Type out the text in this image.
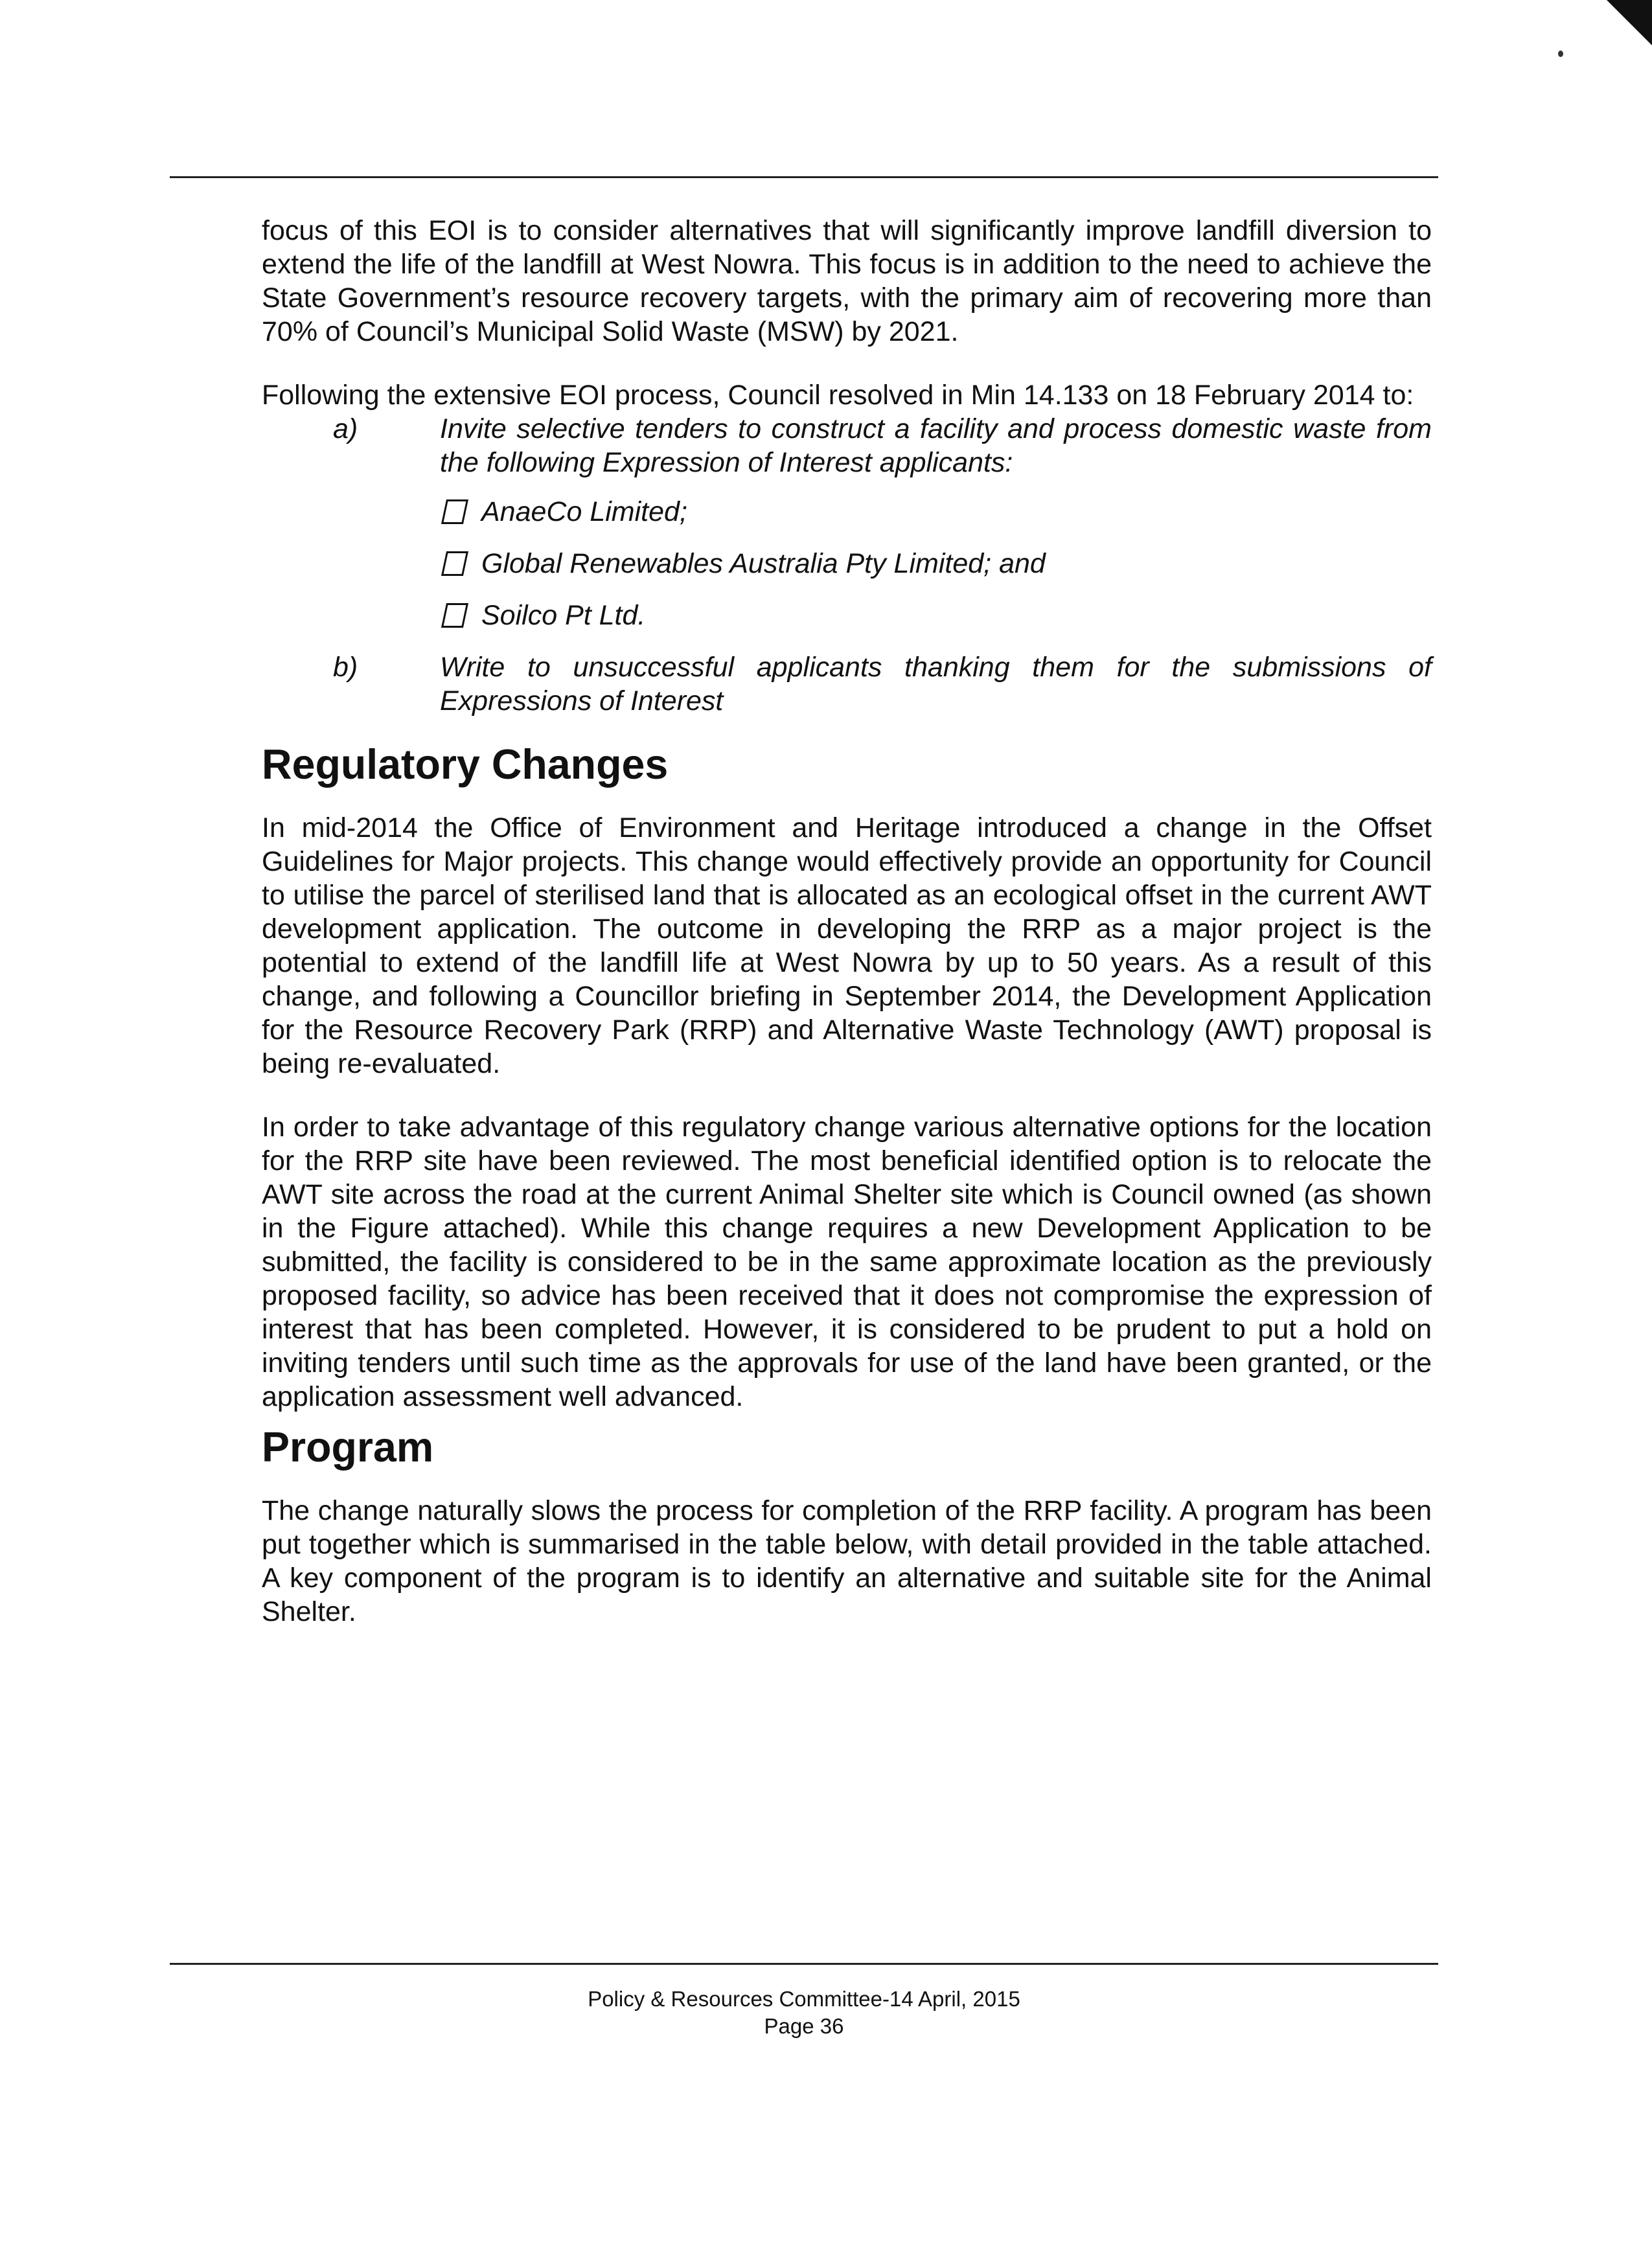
focus of this EOI is to consider alternatives that will significantly improve landfill diversion to extend the life of the landfill at West Nowra. This focus is in addition to the need to achieve the State Government’s resource recovery targets, with the primary aim of recovering more than 70% of Council’s Municipal Solid Waste (MSW) by 2021.

Following the extensive EOI process, Council resolved in Min 14.133 on 18 February 2014 to:

a)	Invite selective tenders to construct a facility and process domestic waste from the following Expression of Interest applicants:
AnaeCo Limited;
Global Renewables Australia Pty Limited; and
Soilco Pt Ltd.
b)	Write to unsuccessful applicants thanking them for the submissions of Expressions of Interest
Regulatory Changes

In mid-2014 the Office of Environment and Heritage introduced a change in the Offset Guidelines for Major projects. This change would effectively provide an opportunity for Council to utilise the parcel of sterilised land that is allocated as an ecological offset in the current AWT development application. The outcome in developing the RRP as a major project is the potential to extend of the landfill life at West Nowra by up to 50 years. As a result of this change, and following a Councillor briefing in September 2014, the Development Application for the Resource Recovery Park (RRP) and Alternative Waste Technology (AWT) proposal is being re-evaluated.

In order to take advantage of this regulatory change various alternative options for the location for the RRP site have been reviewed. The most beneficial identified option is to relocate the AWT site across the road at the current Animal Shelter site which is Council owned (as shown in the Figure attached). While this change requires a new Development Application to be submitted, the facility is considered to be in the same approximate location as the previously proposed facility, so advice has been received that it does not compromise the expression of interest that has been completed. However, it is considered to be prudent to put a hold on inviting tenders until such time as the approvals for use of the land have been granted, or the application assessment well advanced.

Program

The change naturally slows the process for completion of the RRP facility. A program has been put together which is summarised in the table below, with detail provided in the table attached. A key component of the program is to identify an alternative and suitable site for the Animal Shelter.

Policy & Resources Committee-14 April, 2015
Page 36
